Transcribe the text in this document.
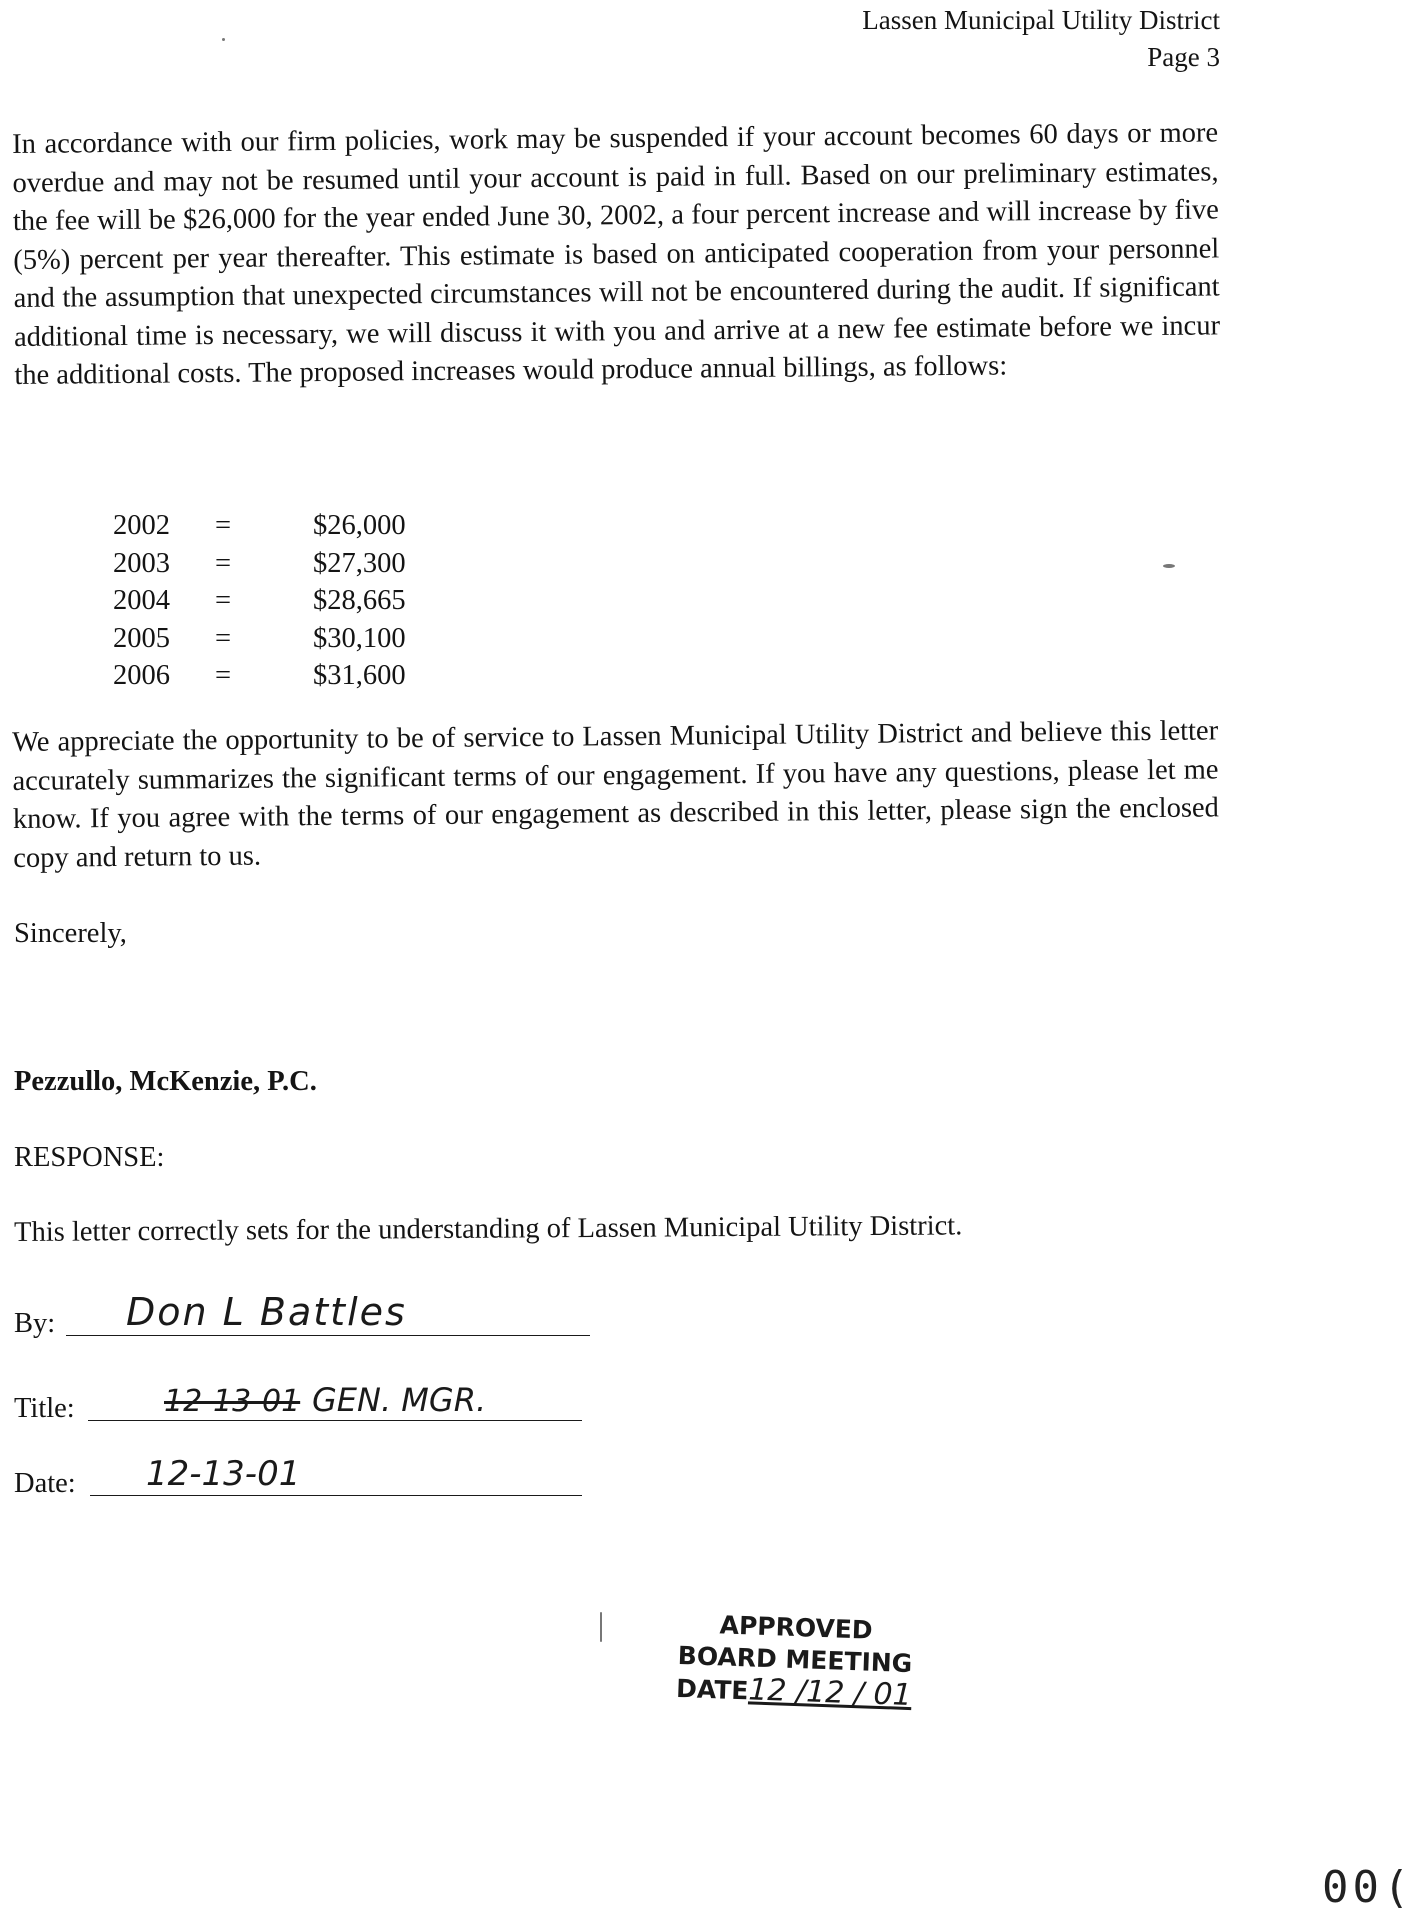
Lassen Municipal Utility District
Page 3

In accordance with our firm policies, work may be suspended if your account becomes 60 days or more overdue and may not be resumed until your account is paid in full. Based on our preliminary estimates, the fee will be $26,000 for the year ended June 30, 2002, a four percent increase and will increase by five (5%) percent per year thereafter. This estimate is based on anticipated cooperation from your personnel and the assumption that unexpected circumstances will not be encountered during the audit. If significant additional time is necessary, we will discuss it with you and arrive at a new fee estimate before we incur the additional costs. The proposed increases would produce annual billings, as follows:

2002 =	$26,000
2003 =	$27,300
2004 =	$28,665
2005 =	$30,100
2006 =	$31,600

We appreciate the opportunity to be of service to Lassen Municipal Utility District and believe this letter accurately summarizes the significant terms of our engagement. If you have any questions, please let me know. If you agree with the terms of our engagement as described in this letter, please sign the enclosed copy and return to us.

Sincerely,
Pezzullo, McKenzie, P.C.
RESPONSE:
This letter correctly sets for the understanding of Lassen Municipal Utility District.
By: Don L Battles
Title:	12-13-01 GEN. MGR.
Date: 12-13-01
APPROVED
BOARD MEETING
DATE12 /12 / 01
00(
